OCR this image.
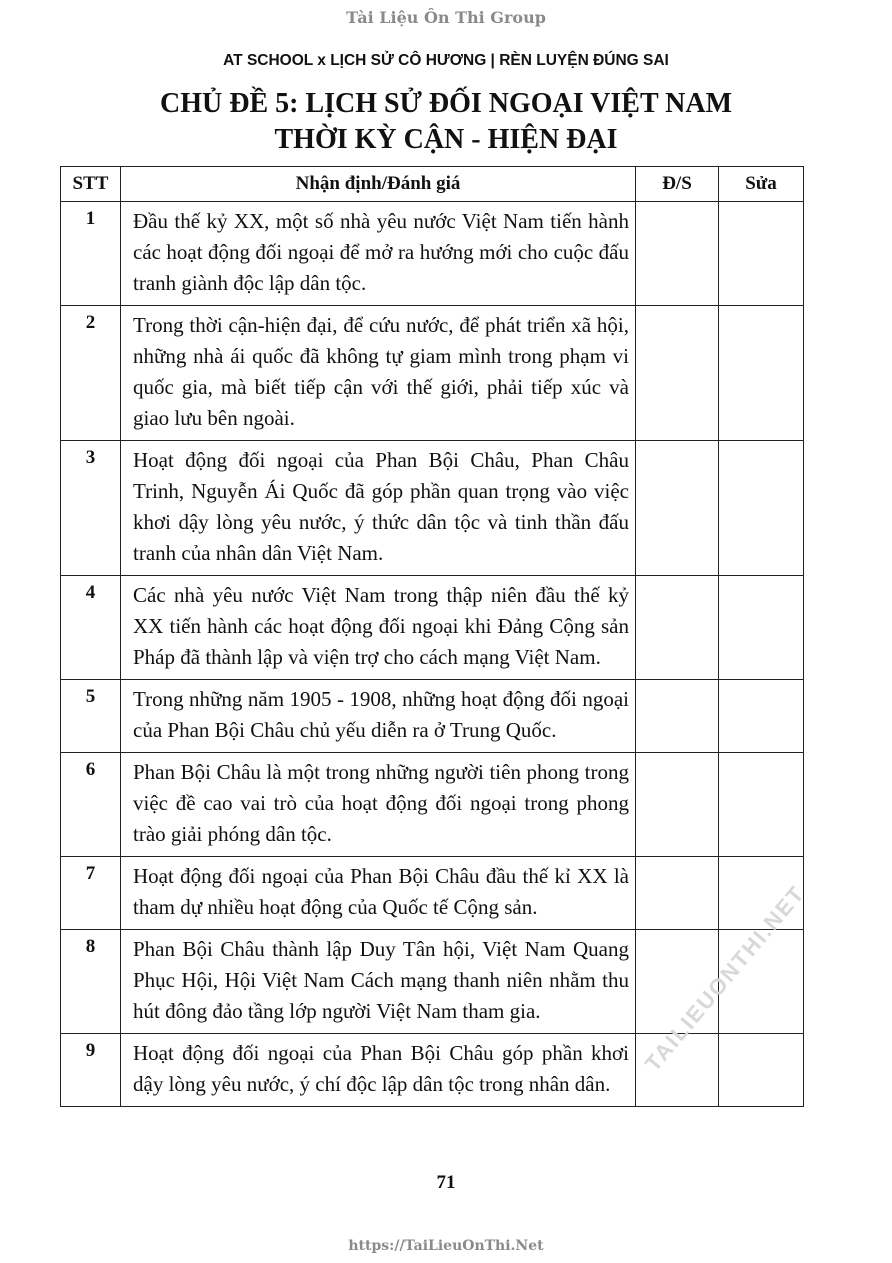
Tài Liệu Ôn Thi Group
AT SCHOOL x LỊCH SỬ CÔ HƯƠNG | RÈN LUYỆN ĐÚNG SAI
CHỦ ĐỀ 5: LỊCH SỬ ĐỐI NGOẠI VIỆT NAM
THỜI KỲ CẬN - HIỆN ĐẠI
STT	Nhận định/Đánh giá	Đ/S	Sửa
1	Đầu thế kỷ XX, một số nhà yêu nước Việt Nam tiến hành các hoạt động đối ngoại để mở ra hướng mới cho cuộc đấu tranh giành độc lập dân tộc.		
2	Trong thời cận-hiện đại, để cứu nước, để phát triển xã hội, những nhà ái quốc đã không tự giam mình trong phạm vi quốc gia, mà biết tiếp cận với thế giới, phải tiếp xúc và giao lưu bên ngoài.		
3	Hoạt động đối ngoại của Phan Bội Châu, Phan Châu Trinh, Nguyễn Ái Quốc đã góp phần quan trọng vào việc khơi dậy lòng yêu nước, ý thức dân tộc và tinh thần đấu tranh của nhân dân Việt Nam.		
4	Các nhà yêu nước Việt Nam trong thập niên đầu thế kỷ XX tiến hành các hoạt động đối ngoại khi Đảng Cộng sản Pháp đã thành lập và viện trợ cho cách mạng Việt Nam.		
5	Trong những năm 1905 - 1908, những hoạt động đối ngoại của Phan Bội Châu chủ yếu diễn ra ở Trung Quốc.		
6	Phan Bội Châu là một trong những người tiên phong trong việc đề cao vai trò của hoạt động đối ngoại trong phong trào giải phóng dân tộc.		
7	Hoạt động đối ngoại của Phan Bội Châu đầu thế kỉ XX là tham dự nhiều hoạt động của Quốc tế Cộng sản.		
8	Phan Bội Châu thành lập Duy Tân hội, Việt Nam Quang Phục Hội, Hội Việt Nam Cách mạng thanh niên nhằm thu hút đông đảo tầng lớp người Việt Nam tham gia.		
9	Hoạt động đối ngoại của Phan Bội Châu góp phần khơi dậy lòng yêu nước, ý chí độc lập dân tộc trong nhân dân.		
TAILIEUONTHI.NET
71
https://TaiLieuOnThi.Net
